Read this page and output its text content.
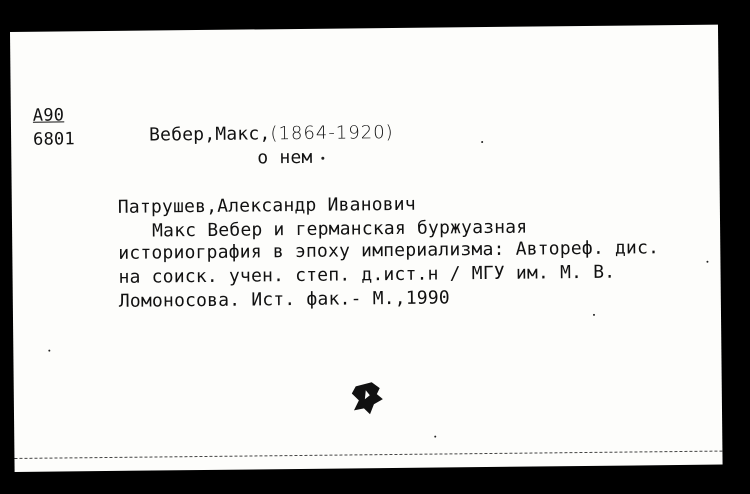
A90
6801	Вебер,Макс,(1864-1920)
о нем
Патрушев,Александр Иванович
Макс Вебер и германская буржуазная
историография в эпоху империализма: Автореф. дис.
на соиск. учен. степ. д.ист.н / МГУ им. М. В.
Ломоносова. Ист. фак.- М.,1990
